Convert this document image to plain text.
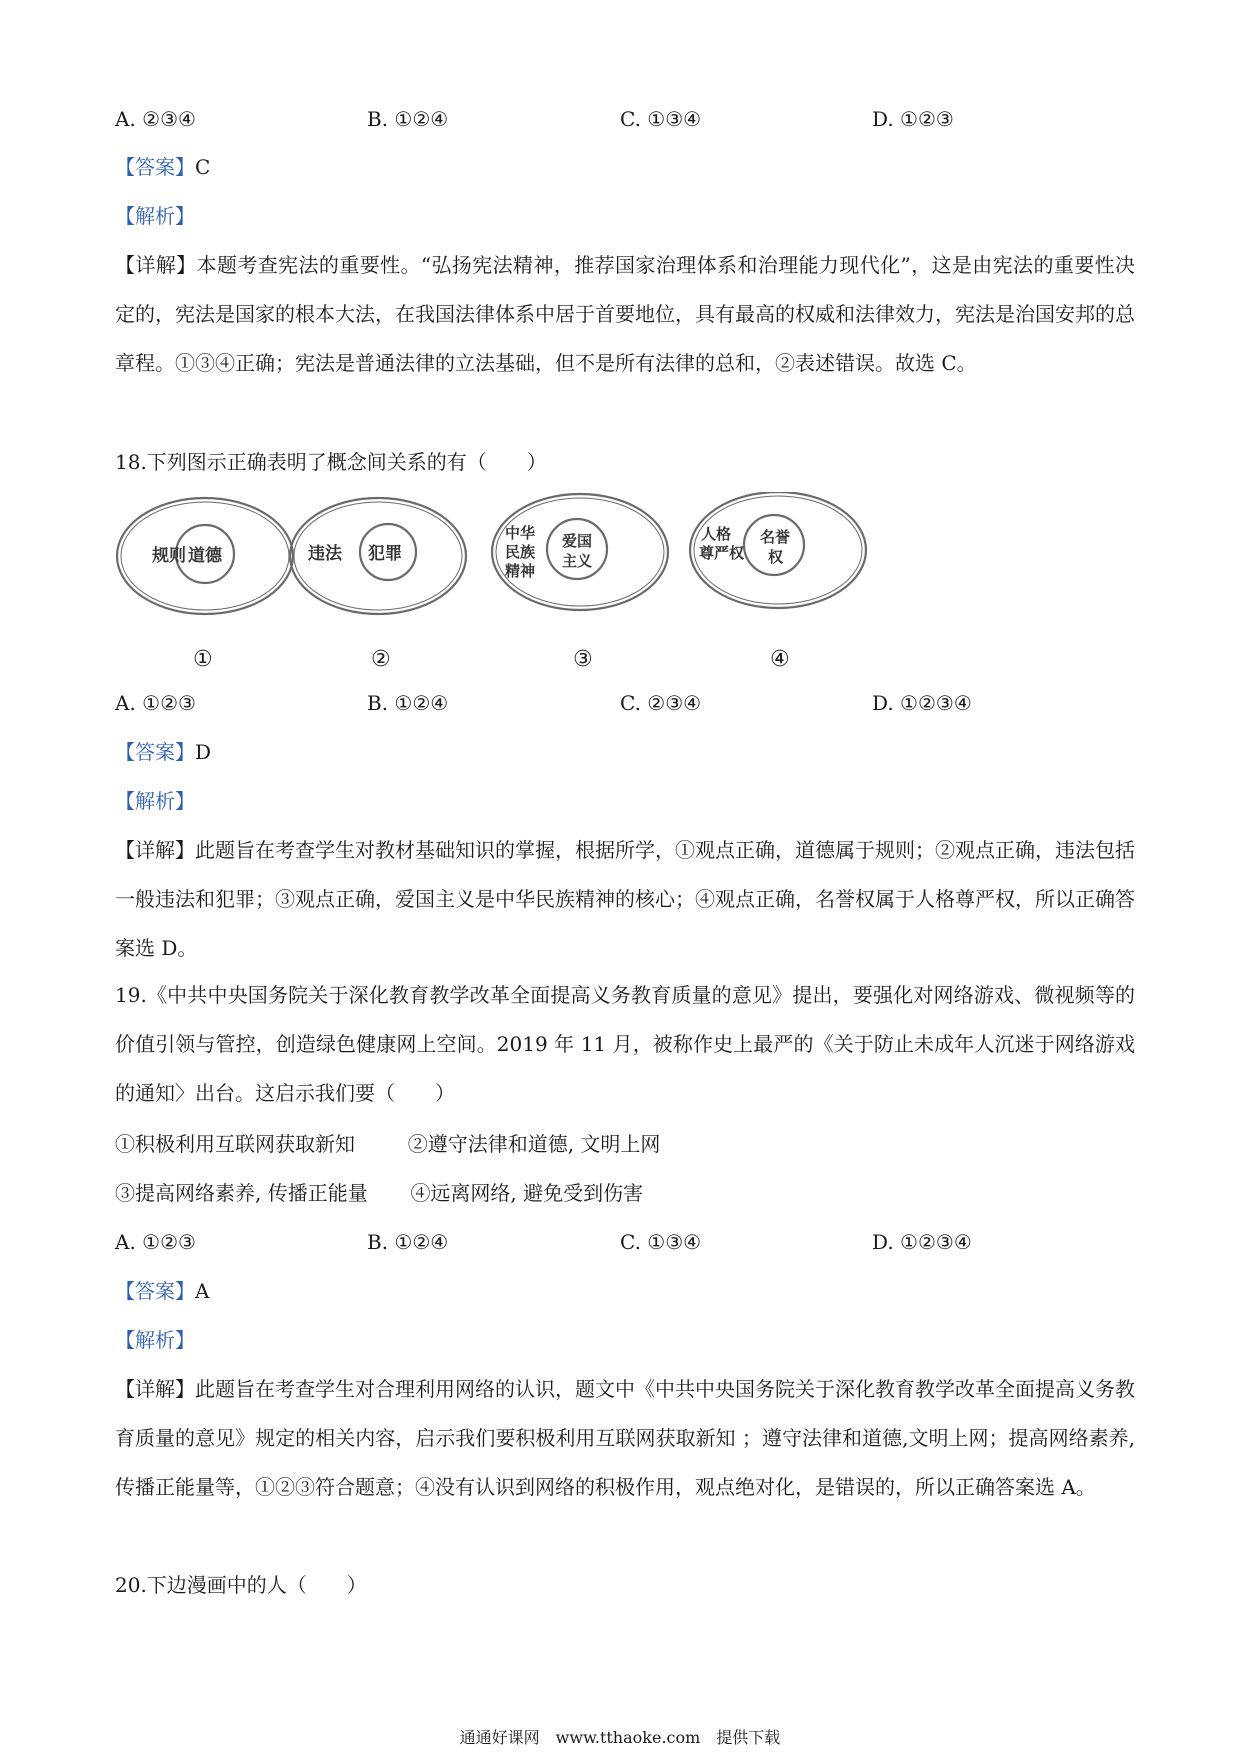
A. ②③④	B. ①②④	C. ①③④	D. ①②③
【答案】C
【解析】
【详解】本题考查宪法的重要性。“弘扬宪法精神，推荐国家治理体系和治理能力现代化”，这是由宪法的重要性决定的，宪法是国家的根本大法，在我国法律体系中居于首要地位，具有最高的权威和法律效力，宪法是治国安邦的总章程。①③④正确；宪法是普通法律的立法基础，但不是所有法律的总和，②表述错误。故选 C。
18.下列图示正确表明了概念间关系的有（　　）
规则 道德
①
违法 犯罪
②
中华
民族
精神
爱国
主义
③
人格
尊严权
名誉
权
④
A. ①②③	B. ①②④	C. ②③④	D. ①②③④
【答案】D
【解析】
【详解】此题旨在考查学生对教材基础知识的掌握，根据所学，①观点正确，道德属于规则；②观点正确，违法包括一般违法和犯罪；③观点正确，爱国主义是中华民族精神的核心；④观点正确，名誉权属于人格尊严权，所以正确答案选 D。
19.《中共中央国务院关于深化教育教学改革全面提高义务教育质量的意见》提出，要强化对网络游戏、微视频等的价值引领与管控，创造绿色健康网上空间。2019 年 11 月，被称作史上最严的《关于防止未成年人沉迷于网络游戏的通知〉出台。这启示我们要（　　）
①积极利用互联网获取新知	②遵守法律和道德, 文明上网
③提高网络素养, 传播正能量 ④远离网络, 避免受到伤害
A. ①②③	B. ①②④	C. ①③④	D. ①②③④
【答案】A
【解析】
【详解】此题旨在考查学生对合理利用网络的认识，题文中《中共中央国务院关于深化教育教学改革全面提高义务教育质量的意见》规定的相关内容，启示我们要积极利用互联网获取新知 ；遵守法律和道德,文明上网；提高网络素养,传播正能量等，①②③符合题意；④没有认识到网络的积极作用，观点绝对化，是错误的，所以正确答案选 A。
20.下边漫画中的人（　　）
通通好课网　www.tthaoke.com　提供下载
